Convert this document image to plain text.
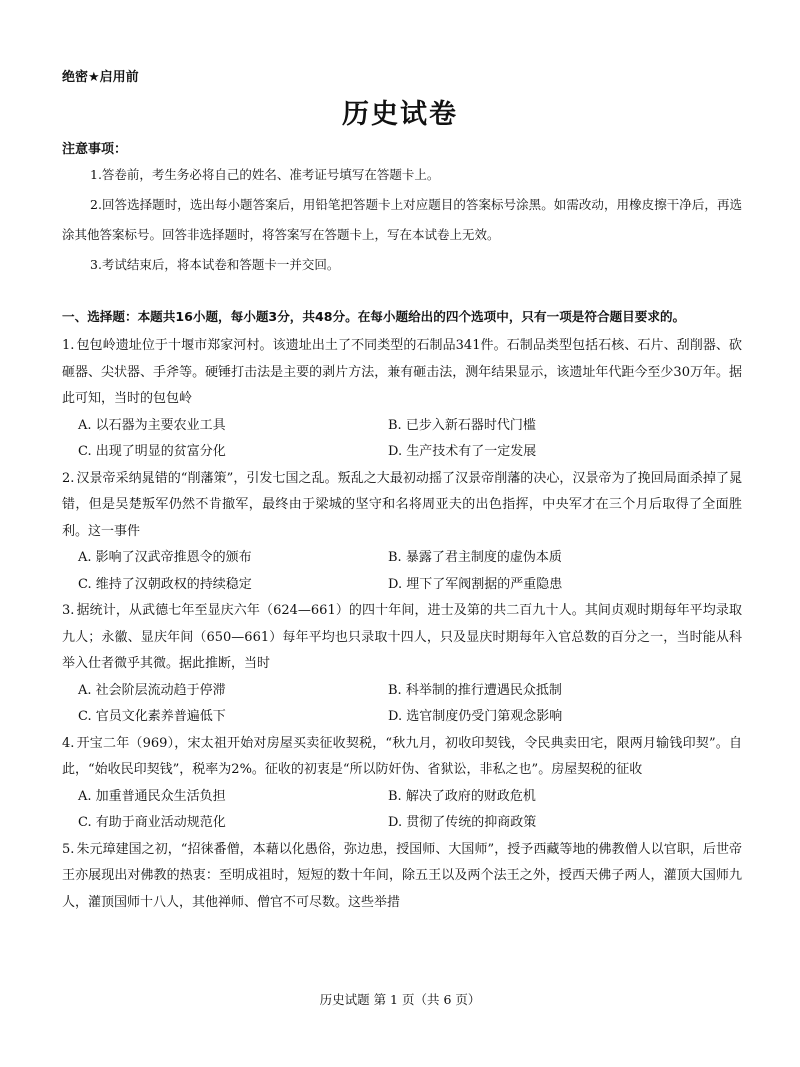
绝密★启用前
历史试卷
注意事项：

1.答卷前，考生务必将自己的姓名、准考证号填写在答题卡上。

2.回答选择题时，选出每小题答案后，用铅笔把答题卡上对应题目的答案标号涂黑。如需改动，用橡皮擦干净后，再选涂其他答案标号。回答非选择题时，将答案写在答题卡上，写在本试卷上无效。

3.考试结束后，将本试卷和答题卡一并交回。

一、选择题：本题共16小题，每小题3分，共48分。在每小题给出的四个选项中，只有一项是符合题目要求的。
1. 包包岭遗址位于十堰市郑家河村。该遗址出土了不同类型的石制品341件。石制品类型包括石核、石片、刮削器、砍砸器、尖状器、手斧等。硬锤打击法是主要的剥片方法，兼有砸击法，测年结果显示，该遗址年代距今至少30万年。据此可知，当时的包包岭
A. 以石器为主要农业工具	B. 已步入新石器时代门槛
C. 出现了明显的贫富分化	D. 生产技术有了一定发展
2. 汉景帝采纳晁错的“削藩策”，引发七国之乱。叛乱之大最初动摇了汉景帝削藩的决心，汉景帝为了挽回局面杀掉了晁错，但是吴楚叛军仍然不肯撤军，最终由于梁城的坚守和名将周亚夫的出色指挥，中央军才在三个月后取得了全面胜利。这一事件
A. 影响了汉武帝推恩令的颁布	B. 暴露了君主制度的虚伪本质
C. 维持了汉朝政权的持续稳定	D. 埋下了军阀割据的严重隐患
3. 据统计，从武德七年至显庆六年（624—661）的四十年间，进士及第的共二百九十人。其间贞观时期每年平均录取九人；永徽、显庆年间（650—661）每年平均也只录取十四人，只及显庆时期每年入官总数的百分之一，当时能从科举入仕者微乎其微。据此推断，当时
A. 社会阶层流动趋于停滞	B. 科举制的推行遭遇民众抵制
C. 官员文化素养普遍低下	D. 选官制度仍受门第观念影响
4. 开宝二年（969），宋太祖开始对房屋买卖征收契税，“秋九月，初收印契钱，令民典卖田宅，限两月输钱印契”。自此，“始收民印契钱”，税率为2%。征收的初衷是“所以防奸伪、省狱讼，非私之也”。房屋契税的征收
A. 加重普通民众生活负担	B. 解决了政府的财政危机
C. 有助于商业活动规范化	D. 贯彻了传统的抑商政策
5. 朱元璋建国之初，“招徕番僧，本藉以化愚俗，弥边患，授国师、大国师”，授予西藏等地的佛教僧人以官职，后世帝王亦展现出对佛教的热衷：至明成祖时，短短的数十年间，除五王以及两个法王之外，授西天佛子两人，灌顶大国师九人，灌顶国师十八人，其他禅师、僧官不可尽数。这些举措
历史试题 第 1 页（共 6 页）
